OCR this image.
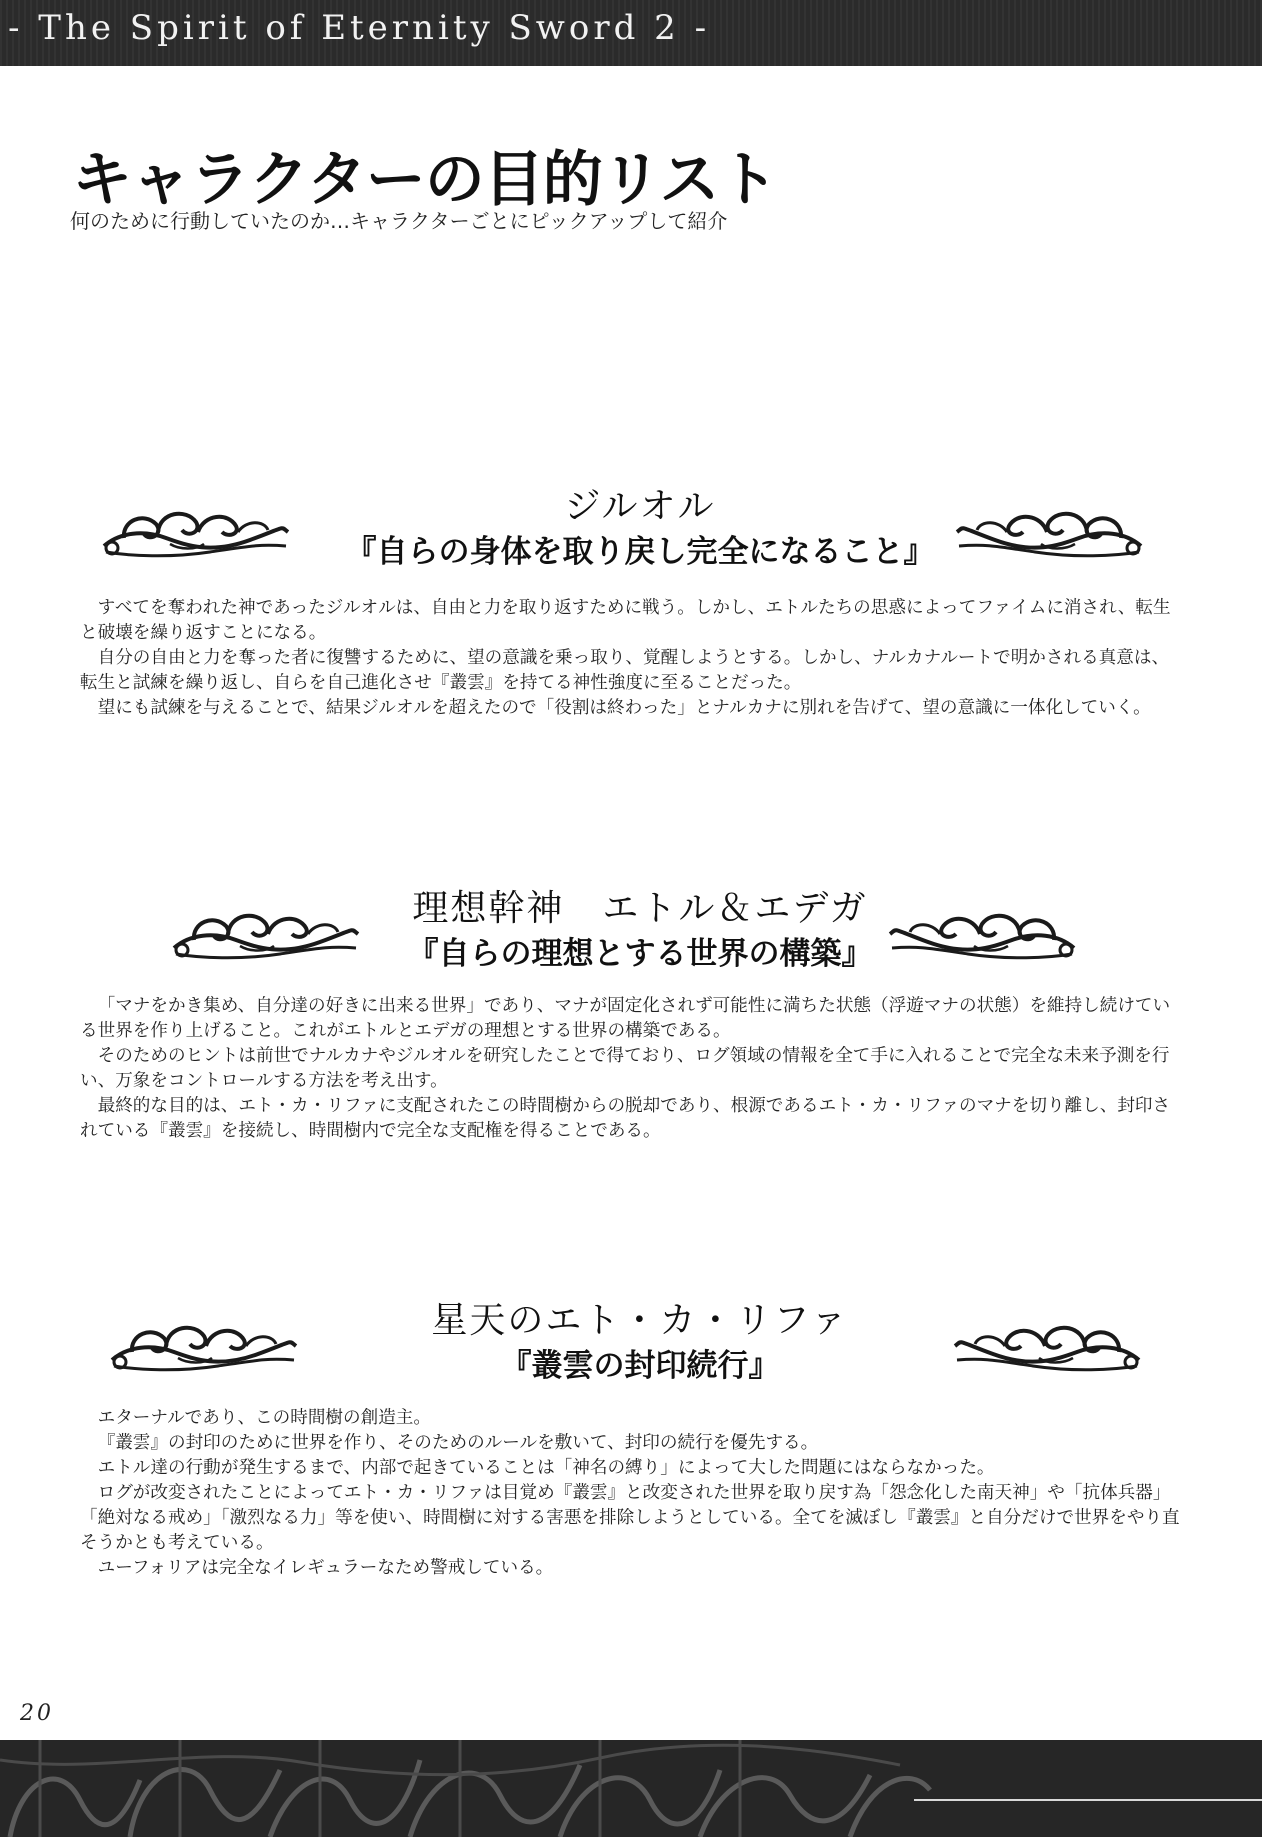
- The Spirit of Eternity Sword 2 -
キャラクターの目的リスト

何のために行動していたのか…キャラクターごとにピックアップして紹介

ジルオル
『自らの身体を取り戻し完全になること』

すべてを奪われた神であったジルオルは、自由と力を取り返すために戦う。しかし、エトルたちの思惑によってファイムに消され、転生と破壊を繰り返すことになる。

自分の自由と力を奪った者に復讐するために、望の意識を乗っ取り、覚醒しようとする。しかし、ナルカナルートで明かされる真意は、転生と試練を繰り返し、自らを自己進化させ『叢雲』を持てる神性強度に至ることだった。

望にも試練を与えることで、結果ジルオルを超えたので「役割は終わった」とナルカナに別れを告げて、望の意識に一体化していく。

理想幹神　エトル＆エデガ
『自らの理想とする世界の構築』

「マナをかき集め、自分達の好きに出来る世界」であり、マナが固定化されず可能性に満ちた状態（浮遊マナの状態）を維持し続けている世界を作り上げること。これがエトルとエデガの理想とする世界の構築である。

そのためのヒントは前世でナルカナやジルオルを研究したことで得ており、ログ領域の情報を全て手に入れることで完全な未来予測を行い、万象をコントロールする方法を考え出す。

最終的な目的は、エト・カ・リファに支配されたこの時間樹からの脱却であり、根源であるエト・カ・リファのマナを切り離し、封印されている『叢雲』を接続し、時間樹内で完全な支配権を得ることである。

星天のエト・カ・リファ
『叢雲の封印続行』

エターナルであり、この時間樹の創造主。

『叢雲』の封印のために世界を作り、そのためのルールを敷いて、封印の続行を優先する。

エトル達の行動が発生するまで、内部で起きていることは「神名の縛り」によって大した問題にはならなかった。

ログが改変されたことによってエト・カ・リファは目覚め『叢雲』と改変された世界を取り戻す為「怨念化した南天神」や「抗体兵器」「絶対なる戒め」「激烈なる力」等を使い、時間樹に対する害悪を排除しようとしている。全てを滅ぼし『叢雲』と自分だけで世界をやり直そうかとも考えている。

ユーフォリアは完全なイレギュラーなため警戒している。

20
